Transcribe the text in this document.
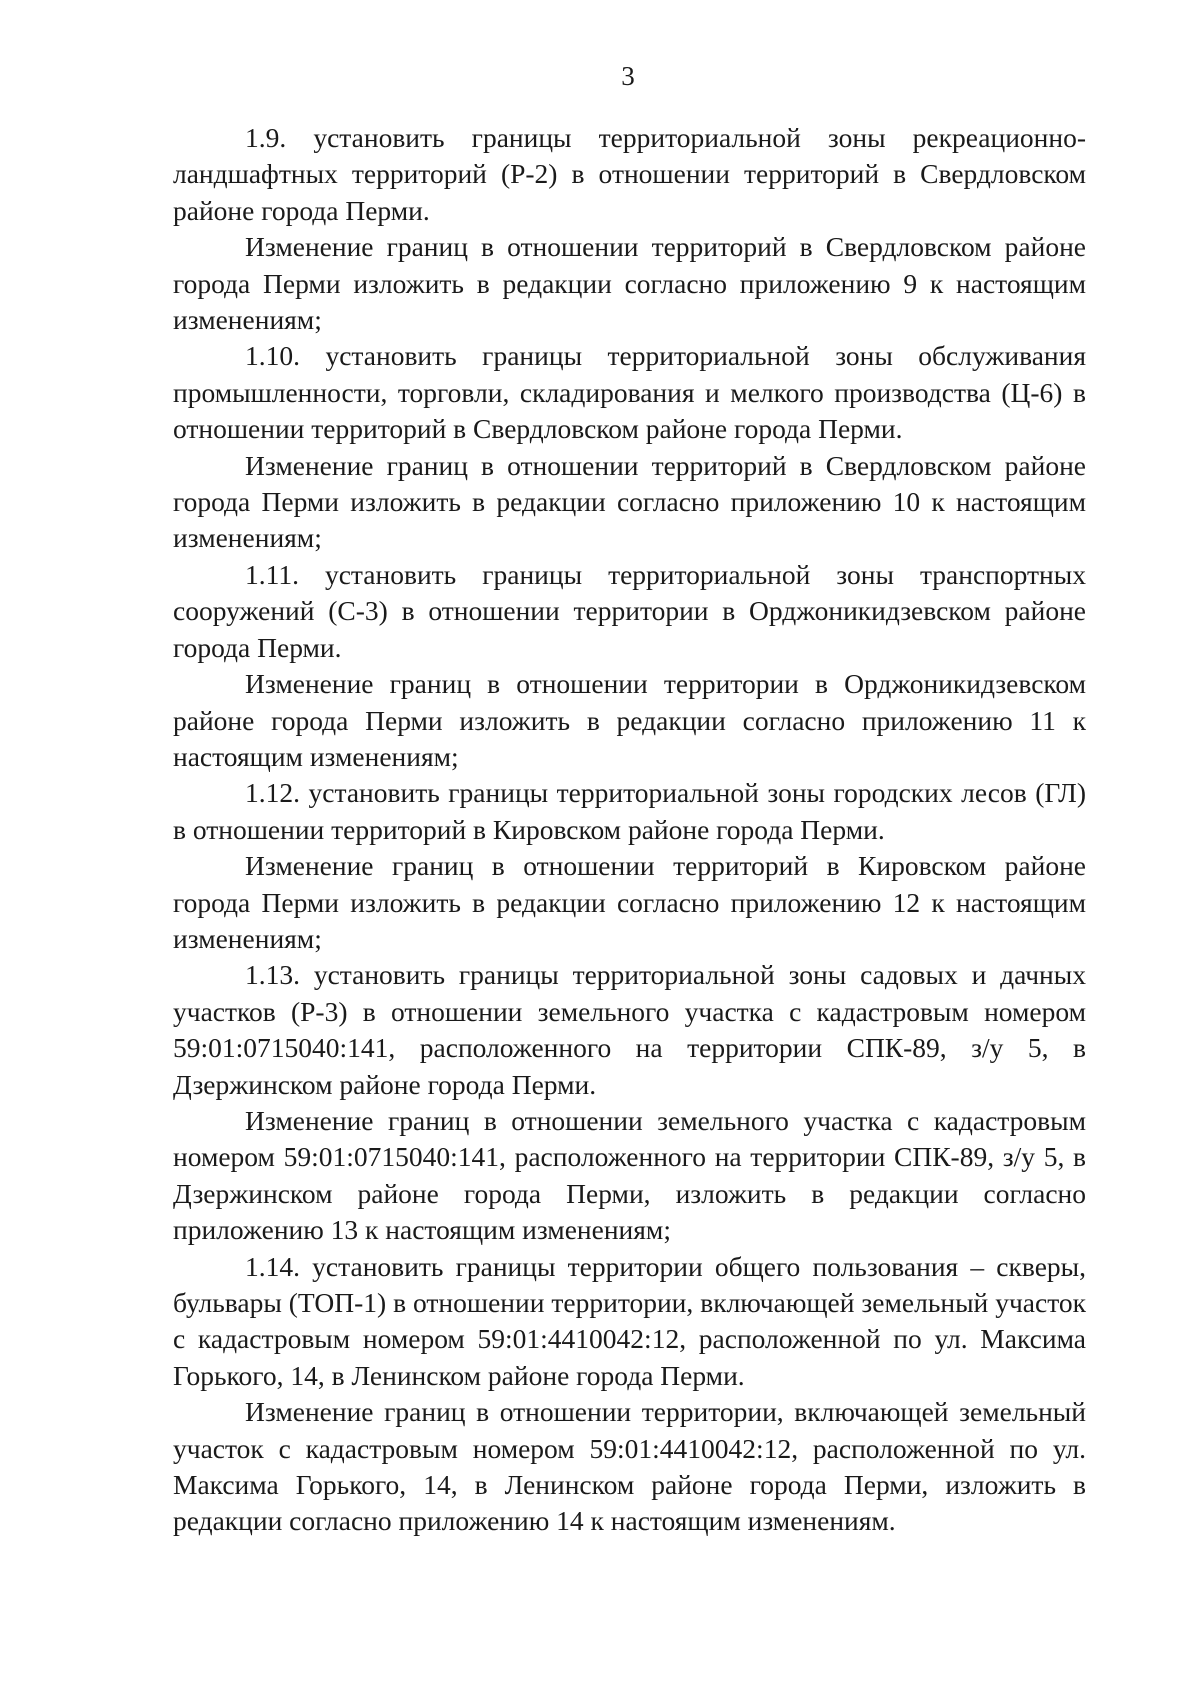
3

1.9. установить границы территориальной зоны рекреационно-ландшафтных территорий (Р-2) в отношении территорий в Свердловском районе города Перми.

Изменение границ в отношении территорий в Свердловском районе города Перми изложить в редакции согласно приложению 9 к настоящим изменениям;

1.10. установить границы территориальной зоны обслуживания промышленности, торговли, складирования и мелкого производства (Ц-6) в отношении территорий в Свердловском районе города Перми.

Изменение границ в отношении территорий в Свердловском районе города Перми изложить в редакции согласно приложению 10 к настоящим изменениям;

1.11. установить границы территориальной зоны транспортных сооружений (С-3) в отношении территории в Орджоникидзевском районе города Перми.

Изменение границ в отношении территории в Орджоникидзевском районе города Перми изложить в редакции согласно приложению 11 к настоящим изменениям;

1.12. установить границы территориальной зоны городских лесов (ГЛ) в отношении территорий в Кировском районе города Перми.

Изменение границ в отношении территорий в Кировском районе города Перми изложить в редакции согласно приложению 12 к настоящим изменениям;

1.13. установить границы территориальной зоны садовых и дачных участков (Р-3) в отношении земельного участка с кадастровым номером 59:01:0715040:141, расположенного на территории СПК-89, з/у 5, в Дзержинском районе города Перми.

Изменение границ в отношении земельного участка с кадастровым номером 59:01:0715040:141, расположенного на территории СПК-89, з/у 5, в Дзержинском районе города Перми, изложить в редакции согласно приложению 13 к настоящим изменениям;

1.14. установить границы территории общего пользования – скверы, бульвары (ТОП-1) в отношении территории, включающей земельный участок с кадастровым номером 59:01:4410042:12, расположенной по ул. Максима Горького, 14, в Ленинском районе города Перми.

Изменение границ в отношении территории, включающей земельный участок с кадастровым номером 59:01:4410042:12, расположенной по ул. Максима Горького, 14, в Ленинском районе города Перми, изложить в редакции согласно приложению 14 к настоящим изменениям.
